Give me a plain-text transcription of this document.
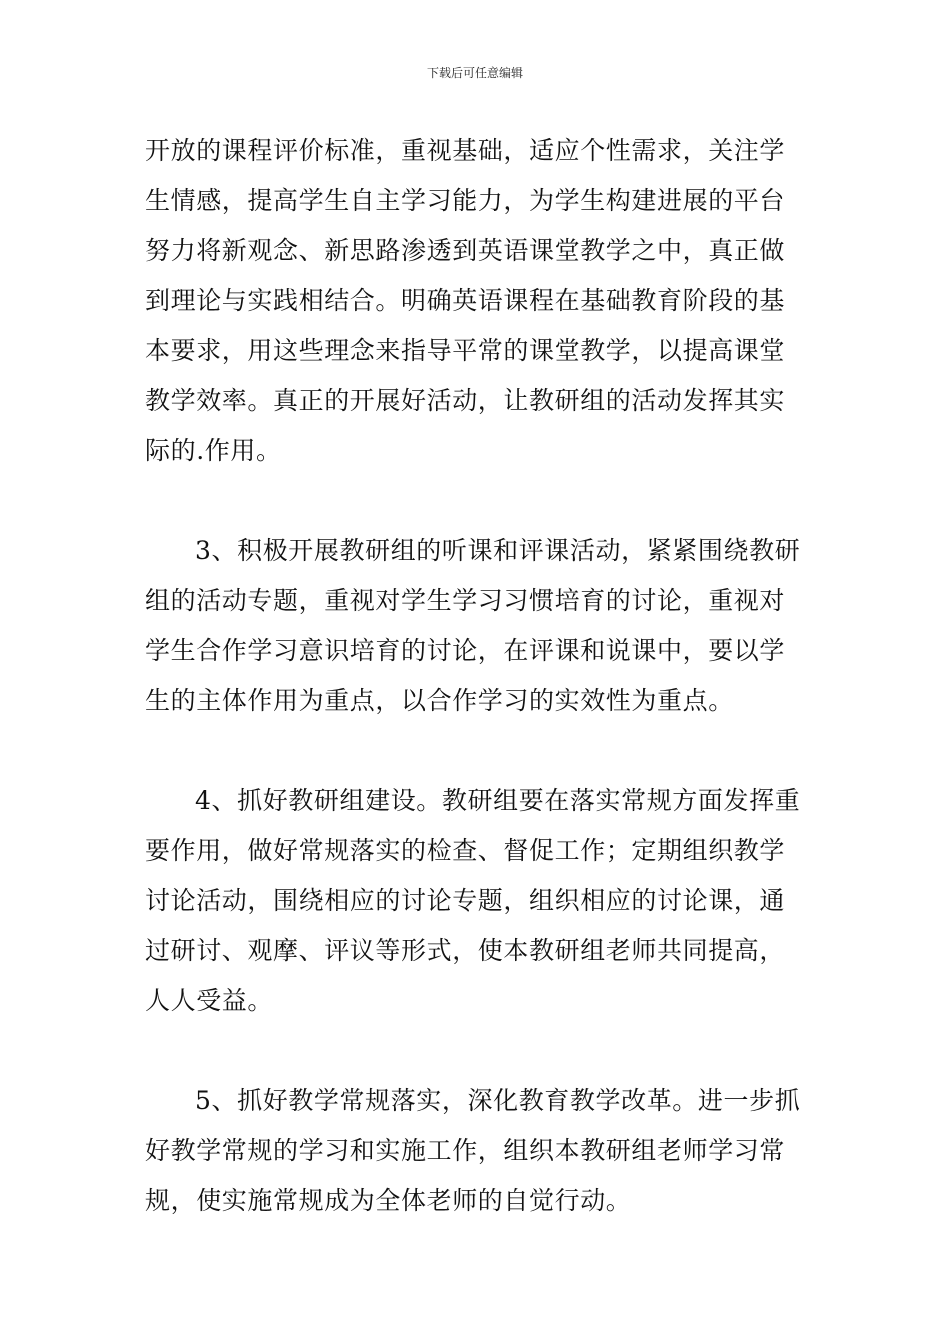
下载后可任意编辑
开放的课程评价标准，重视基础，适应个性需求，关注学
生情感，提高学生自主学习能力，为学生构建进展的平台
努力将新观念、新思路渗透到英语课堂教学之中，真正做
到理论与实践相结合。明确英语课程在基础教育阶段的基
本要求，用这些理念来指导平常的课堂教学，以提高课堂
教学效率。真正的开展好活动，让教研组的活动发挥其实
际的.作用。
3、积极开展教研组的听课和评课活动，紧紧围绕教研
组的活动专题，重视对学生学习习惯培育的讨论，重视对
学生合作学习意识培育的讨论，在评课和说课中，要以学
生的主体作用为重点，以合作学习的实效性为重点。
4、抓好教研组建设。教研组要在落实常规方面发挥重
要作用，做好常规落实的检查、督促工作；定期组织教学
讨论活动，围绕相应的讨论专题，组织相应的讨论课，通
过研讨、观摩、评议等形式，使本教研组老师共同提高，
人人受益。
5、抓好教学常规落实，深化教育教学改革。进一步抓
好教学常规的学习和实施工作，组织本教研组老师学习常
规，使实施常规成为全体老师的自觉行动。
